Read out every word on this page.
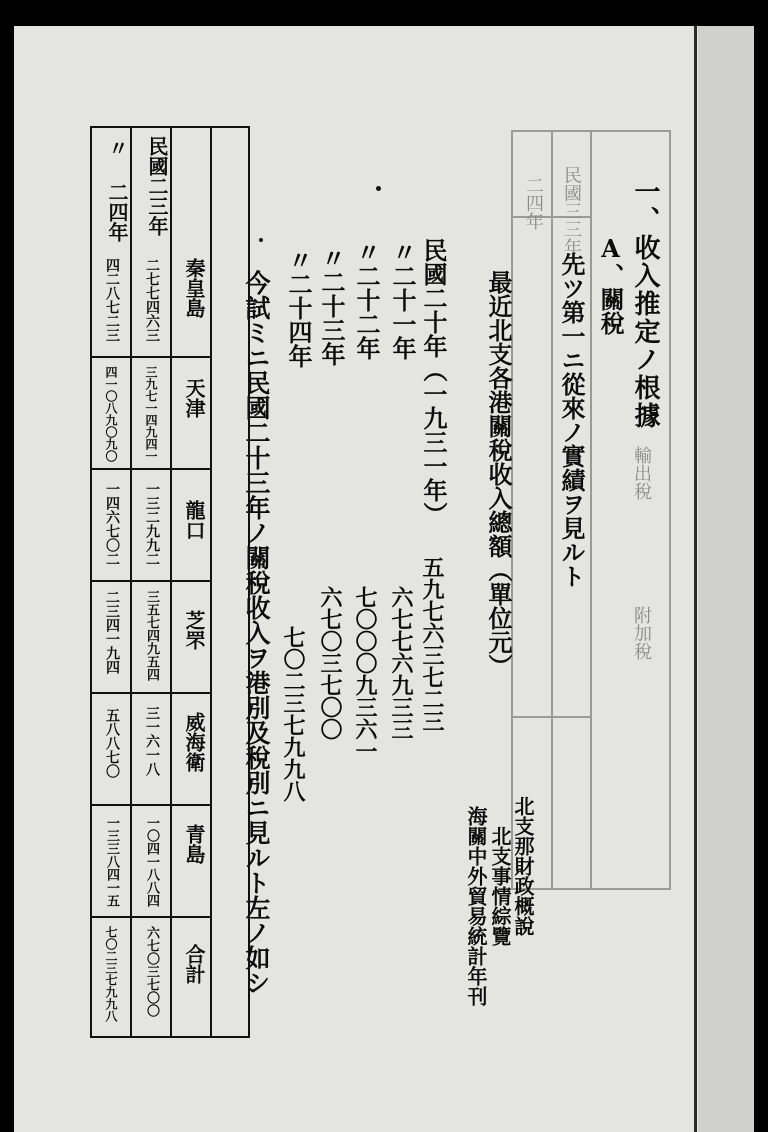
一、收入推定ノ根據
民國三三年
二四年
輸出稅
附加稅
A、關稅
先ツ第一ニ從來ノ實績ヲ見ルト
北支那財政概說
北支事情綜覽
海關中外貿易統計年刊
最近北支各港關稅收入總額（單位元）
民國二十年（一九三一年）
五九七六三七二三
〃二十一年
六七七六九三三
〃二十二年
七〇〇〇九三六一
〃二十三年
六七〇三七〇〇
〃二十四年
七〇二三七九九八
今試ミニ民國二十三年ノ關稅收入ヲ港別及稅別ニ見ルト左ノ如シ
民國二三年
〃 二四年
秦皇島
天津
龍口
芝罘
威海衛
青島
合計
二七七四六三
三九七一四九四一
一三二九九二
三五七四九五四
三一六一八
一〇四一八八四
六七〇三七〇〇
四二八七二三
四一〇八九〇九〇
一四六七〇二
二三四一九四
五八八七〇
一三三八四一五
七〇二三七九九八
